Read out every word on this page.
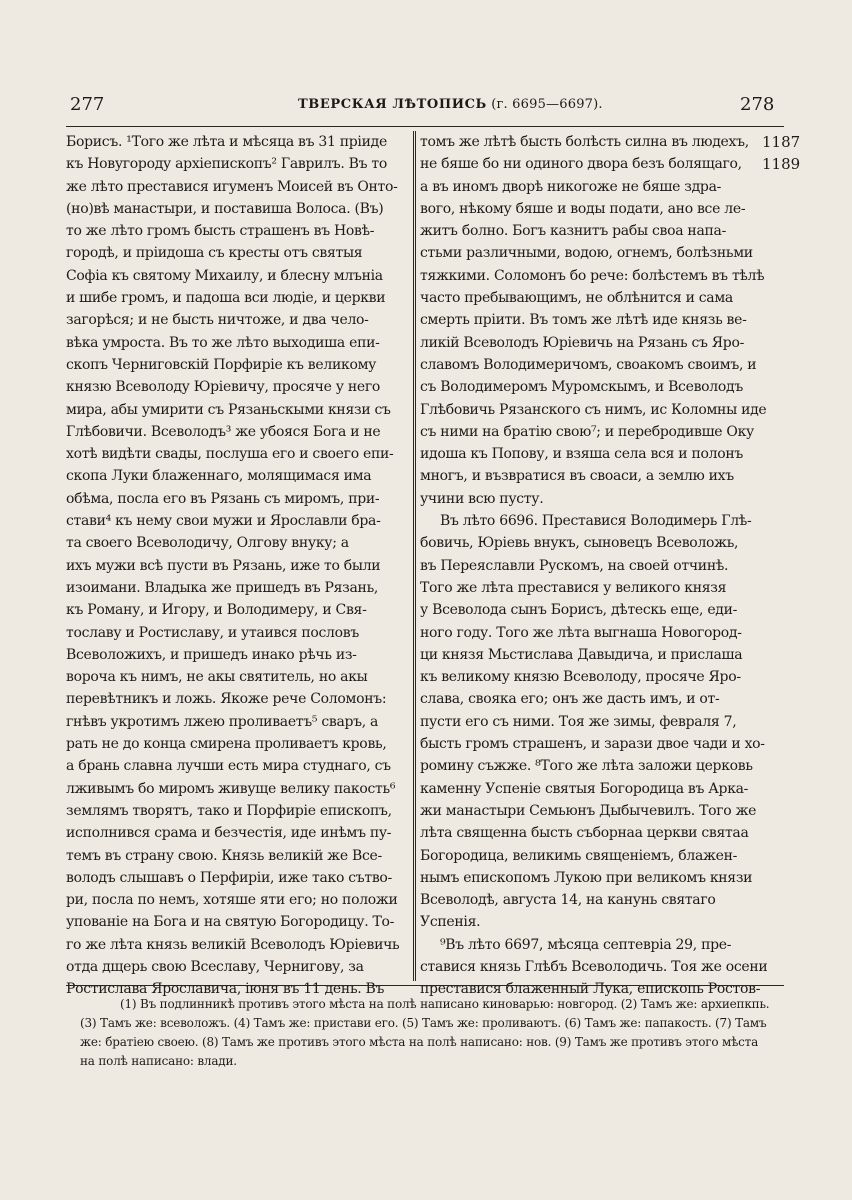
277	ТВЕРСКАЯ ЛѢТОПИСЬ (г. 6695—6697).	278
Борисъ. ¹Того же лѣта и мѣсяца въ 31 пріиде
къ Новугороду архіепископъ² Гаврилъ. Въ то
же лѣто преставися игуменъ Моисей въ Онто-
(но)вѣ манастыри, и поставиша Волоса. (Въ)
то же лѣто громъ бысть страшенъ въ Новѣ-
городѣ, и пріидоша съ кресты отъ святыя
Софіа къ святому Михаилу, и блесну млъніа
и шибе громъ, и падоша вси людіе, и церкви
загорѣся; и не бысть ничтоже, и два чело-
вѣка умроста. Въ то же лѣто выходиша епи-
скопъ Черниговскій Порфиріе къ великому
князю Всеволоду Юріевичу, просяче у него
мира, абы умирити съ Рязаньскыми князи съ
Глѣбовичи. Всеволодъ³ же убояся Бога и не
хотѣ видѣти свады, послуша его и своего епи-
скопа Луки блаженнаго, молящимася има
обѣма, посла его въ Рязань съ миромъ, при-
стави⁴ къ нему свои мужи и Ярославли бра-
та своего Всеволодичу, Олгову внуку; а
ихъ мужи всѣ пусти въ Рязань, иже то были
изоимани. Владыка же пришедъ въ Рязань,
къ Роману, и Игору, и Володимеру, и Свя-
тославу и Ростиславу, и утаився пословъ
Всеволожихъ, и пришедъ инако рѣчь из-
вороча къ нимъ, не акы святитель, но акы
перевѣтникъ и ложь. Якоже рече Соломонъ:
гнѣвъ укротимъ лжею проливаетъ⁵ сваръ, а
рать не до конца смирена проливаетъ кровь,
а брань славна лучши есть мира студнаго, съ
лживымъ бо миромъ живуще велику пакость⁶
землямъ творятъ, тако и Порфиріе епископъ,
исполнився срама и безчестія, иде инѣмъ пу-
темъ въ страну свою. Князь великій же Все-
володъ слышавъ о Перфиріи, иже тако сътво-
ри, посла по немъ, хотяше яти его; но положи
упованіе на Бога и на святую Богородицу. То-
го же лѣта князь великій Всеволодъ Юріевичь
отда дщерь свою Всеславу, Чернигову, за
Ростислава Ярославича, іюня въ 11 день. Въ
томъ же лѣтѣ бысть болѣсть силна въ людехъ,
не бяше бо ни одиного двора безъ болящаго,
а въ иномъ дворѣ никогоже не бяше здра-
вого, нѣкому бяше и воды подати, ано все ле-
житъ болно. Богъ казнитъ рабы своа напа-
стьми различными, водою, огнемъ, болѣзньми
тяжкими. Соломонъ бо рече: болѣстемъ въ тѣлѣ
часто пребывающимъ, не облѣнится и сама
смерть пріити. Въ томъ же лѣтѣ иде князь ве-
ликій Всеволодъ Юріевичь на Рязань съ Яро-
славомъ Володимеричомъ, своакомъ своимъ, и
съ Володимеромъ Муромскымъ, и Всеволодъ
Глѣбовичь Рязанского съ нимъ, ис Коломны иде
съ ними на братію свою⁷; и перебродивше Оку
идоша къ Попову, и взяша села вся и полонъ
многъ, и възвратися въ своаси, а землю ихъ
учини всю пусту.
Въ лѣто 6696. Преставися Володимерь Глѣ-
бовичь, Юріевь внукъ, сыновецъ Всеволожь,
въ Переяславли Рускомъ, на своей отчинѣ.
Того же лѣта преставися у великого князя
у Всеволода сынъ Борисъ, дѣтескь еще, еди-
ного году. Того же лѣта выгнаша Новогород-
ци князя Мьстислава Давыдича, и прислаша
къ великому князю Всеволоду, просяче Яро-
слава, свояка его; онъ же дасть имъ, и от-
пусти его съ ними. Тоя же зимы, февраля 7,
бысть громъ страшенъ, и зарази двое чади и хо-
ромину съжже. ⁸Того же лѣта заложи церковь
каменну Успеніе святыя Богородица въ Арка-
жи манастыри Семьюнъ Дыбычевилъ. Того же
лѣта священна бысть съборнаа церкви святаа
Богородица, великимь священіемъ, блажен-
нымъ епископомъ Лукою при великомъ князи
Всеволодѣ, августа 14, на канунь святаго
Успенія.
⁹Въ лѣто 6697, мѣсяца септевріа 29, пре-
ставися князь Глѣбъ Всеволодичь. Тоя же осени
преставися блаженный Лука, епископь Ростов-
1187
1189
(1) Въ подлинникѣ противъ этого мѣста на полѣ написано киноварью: новгород. (2) Тамъ же: архиепкпь.
(3) Тамъ же: всеволожъ. (4) Тамъ же: пристави его. (5) Тамъ же: проливаютъ. (6) Тамъ же: папакость. (7) Тамъ
же: братіею своею. (8) Тамъ же противъ этого мѣста на полѣ написано: нов. (9) Тамъ же противъ этого мѣста
на полѣ написано: влади.
